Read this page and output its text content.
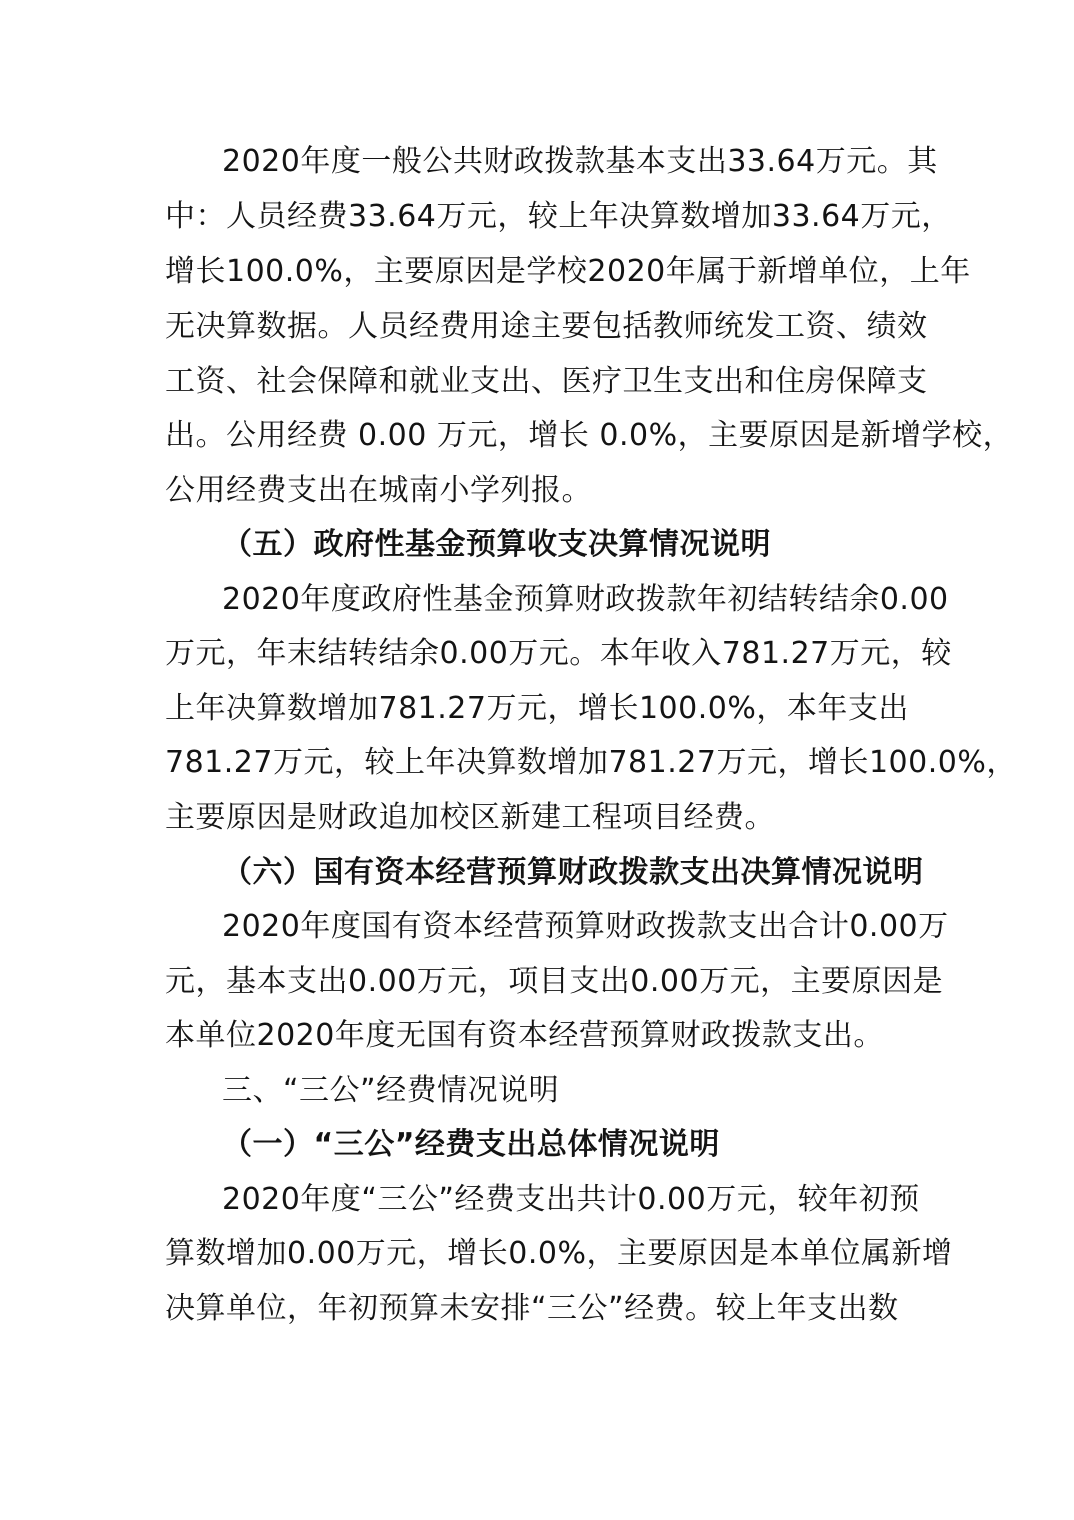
2020年度一般公共财政拨款基本支出33.64万元。其
中：人员经费33.64万元，较上年决算数增加33.64万元，
增长100.0%，主要原因是学校2020年属于新增单位，上年
无决算数据。人员经费用途主要包括教师统发工资、绩效
工资、社会保障和就业支出、医疗卫生支出和住房保障支
出。公用经费 0.00 万元，增长 0.0%，主要原因是新增学校，
公用经费支出在城南小学列报。
（五）政府性基金预算收支决算情况说明
2020年度政府性基金预算财政拨款年初结转结余0.00
万元，年末结转结余0.00万元。本年收入781.27万元，较
上年决算数增加781.27万元，增长100.0%，本年支出
781.27万元，较上年决算数增加781.27万元，增长100.0%，
主要原因是财政追加校区新建工程项目经费。
（六）国有资本经营预算财政拨款支出决算情况说明
2020年度国有资本经营预算财政拨款支出合计0.00万
元，基本支出0.00万元，项目支出0.00万元，主要原因是
本单位2020年度无国有资本经营预算财政拨款支出。
三、“三公”经费情况说明
（一）“三公”经费支出总体情况说明
2020年度“三公”经费支出共计0.00万元，较年初预
算数增加0.00万元，增长0.0%，主要原因是本单位属新增
决算单位，年初预算未安排“三公”经费。较上年支出数
